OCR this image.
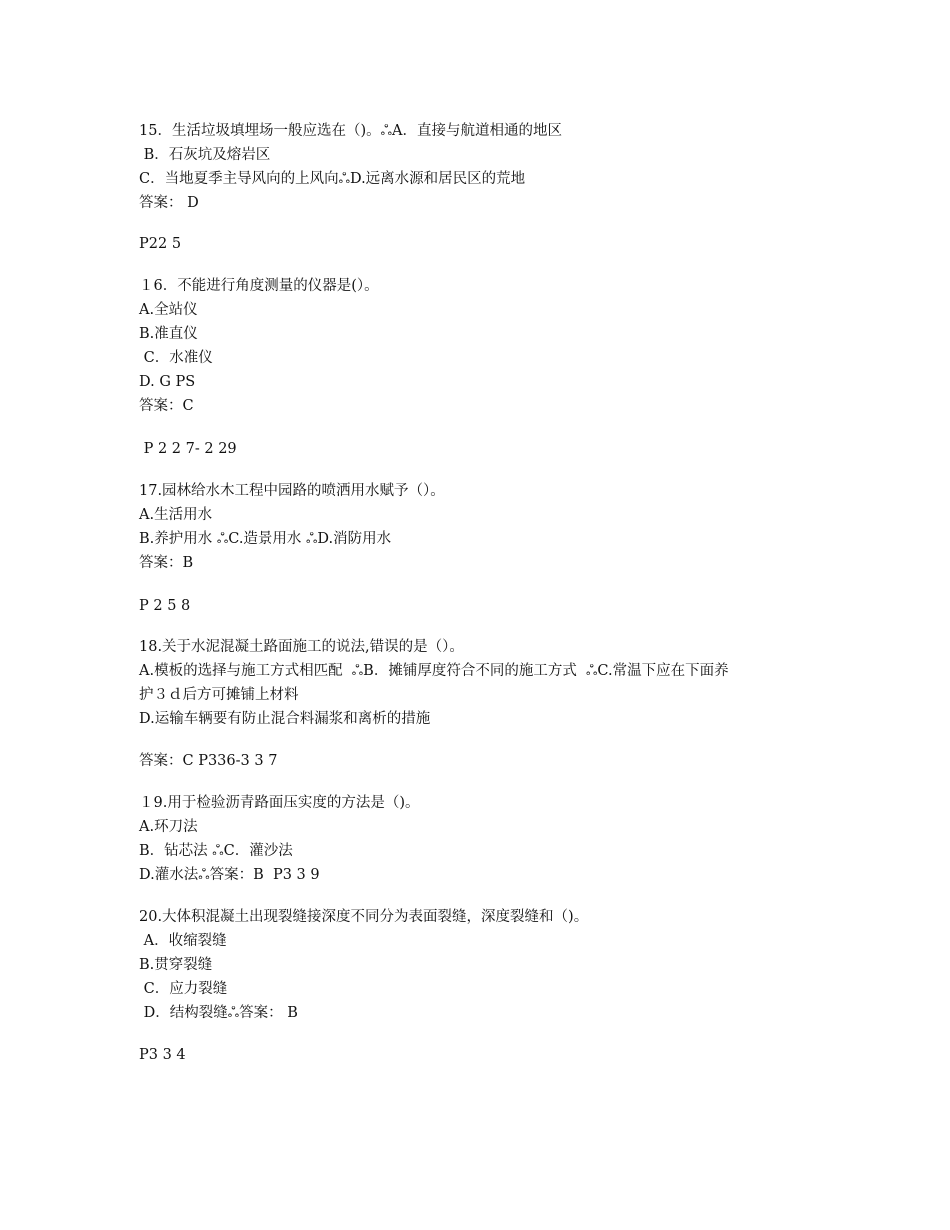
15．生活垃圾填埋场一般应选在（)。ஃA．直接与航道相通的地区
B．石灰坑及熔岩区
C．当地夏季主导风向的上风向ஃD.远离水源和居民区的荒地
答案： D
P22 5
１6．不能进行角度测量的仪器是(）。
A.全站仪
B.准直仪
C．水准仪
D. G PS
答案：C
P 2 2 7- 2 29
17.园林给水木工程中园路的喷洒用水赋予（）。
A.生活用水
B.养护用水 ஃC.造景用水 ஃD.消防用水
答案：B
P 2 5 8
18.关于水泥混凝土路面施工的说法,错误的是（）。
A.模板的选择与施工方式相匹配  ஃB．摊铺厚度符合不同的施工方式  ஃC.常温下应在下面养
护３ｄ后方可摊铺上材料
D.运输车辆要有防止混合料漏浆和离析的措施
答案：C P336-3 3 7
１9.用于检验沥青路面压实度的方法是（)。
A.环刀法
B．钻芯法 ஃC．灌沙法
D.灌水法ஃ答案：B  P3 3 9
20.大体积混凝土出现裂缝接深度不同分为表面裂缝，深度裂缝和（)。
A．收缩裂缝
B.贯穿裂缝
C．应力裂缝
D．结构裂缝ஃ答案： B
P3 3 4
